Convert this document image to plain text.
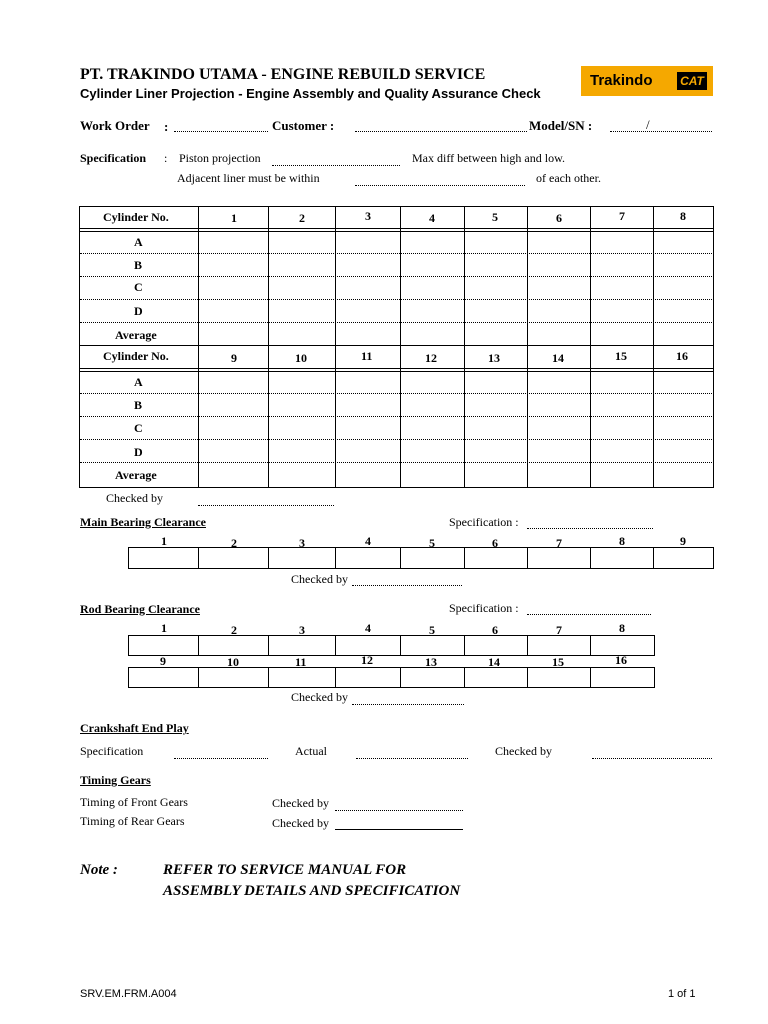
PT. TRAKINDO UTAMA - ENGINE REBUILD SERVICE
Cylinder Liner Projection - Engine Assembly and Quality Assurance Check
Trakindo CAT
Work Order :	Customer :	Model/SN :	/
Specification : Piston projection	Max diff between high and low.
Adjacent liner must be within	of each other.
Cylinder No.	1	2	3	4	5	6	7	8
A
B
C
D
Average
Cylinder No.	9	10	11	12	13	14	15	16
A
B
C
D
Average
Checked by
Main Bearing Clearance	Specification :
1	2	3	4	5	6	7	8	9
Checked by
Rod Bearing Clearance	Specification :
1	2	3	4	5	6	7	8
9	10	11	12	13	14	15	16
Checked by
Crankshaft End Play
Specification	Actual	Checked by
Timing Gears
Timing of Front Gears	Checked by
Timing of Rear Gears	Checked by
Note :	REFER TO SERVICE MANUAL FOR
ASSEMBLY DETAILS AND SPECIFICATION
SRV.EM.FRM.A004	1 of 1
